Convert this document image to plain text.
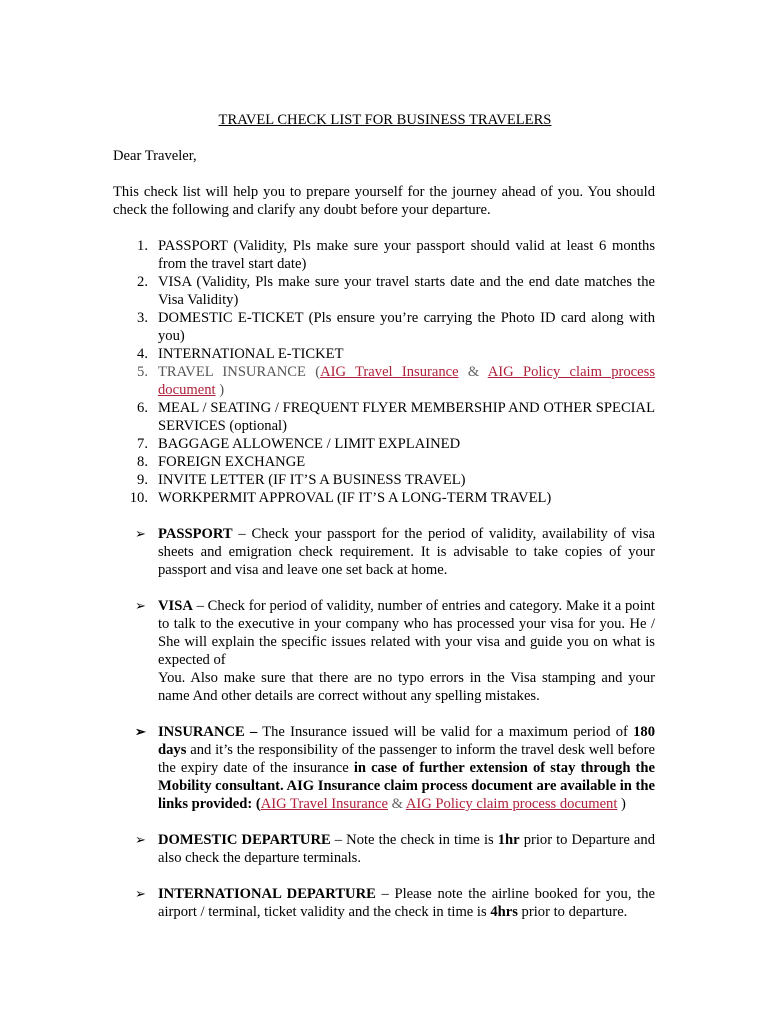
TRAVEL CHECK LIST FOR BUSINESS TRAVELERS

Dear Traveler,

This check list will help you to prepare yourself for the journey ahead of you. You should check the following and clarify any doubt before your departure.

1. PASSPORT (Validity, Pls make sure your passport should valid at least 6 months from the travel start date)
2. VISA (Validity, Pls make sure your travel starts date and the end date matches the Visa Validity)
3. DOMESTIC E-TICKET (Pls ensure you’re carrying the Photo ID card along with you)
4. INTERNATIONAL E-TICKET
5. TRAVEL INSURANCE (AIG Travel Insurance & AIG Policy claim process document )
6. MEAL / SEATING / FREQUENT FLYER MEMBERSHIP AND OTHER SPECIAL SERVICES (optional)
7. BAGGAGE ALLOWENCE / LIMIT EXPLAINED
8. FOREIGN EXCHANGE
9. INVITE LETTER (IF IT’S A BUSINESS TRAVEL)
10. WORKPERMIT APPROVAL (IF IT’S A LONG-TERM TRAVEL)
➢ PASSPORT – Check your passport for the period of validity, availability of visa sheets and emigration check requirement. It is advisable to take copies of your passport and visa and leave one set back at home.
➢ VISA – Check for period of validity, number of entries and category. Make it a point to talk to the executive in your company who has processed your visa for you. He / She will explain the specific issues related with your visa and guide you on what is expected of
You. Also make sure that there are no typo errors in the Visa stamping and your name And other details are correct without any spelling mistakes.
➢ INSURANCE – The Insurance issued will be valid for a maximum period of 180 days and it’s the responsibility of the passenger to inform the travel desk well before the expiry date of the insurance in case of further extension of stay through the Mobility consultant. AIG Insurance claim process document are available in the links provided: (AIG Travel Insurance & AIG Policy claim process document )
➢ DOMESTIC DEPARTURE – Note the check in time is 1hr prior to Departure and also check the departure terminals.
➢ INTERNATIONAL DEPARTURE – Please note the airline booked for you, the airport / terminal, ticket validity and the check in time is 4hrs prior to departure.
